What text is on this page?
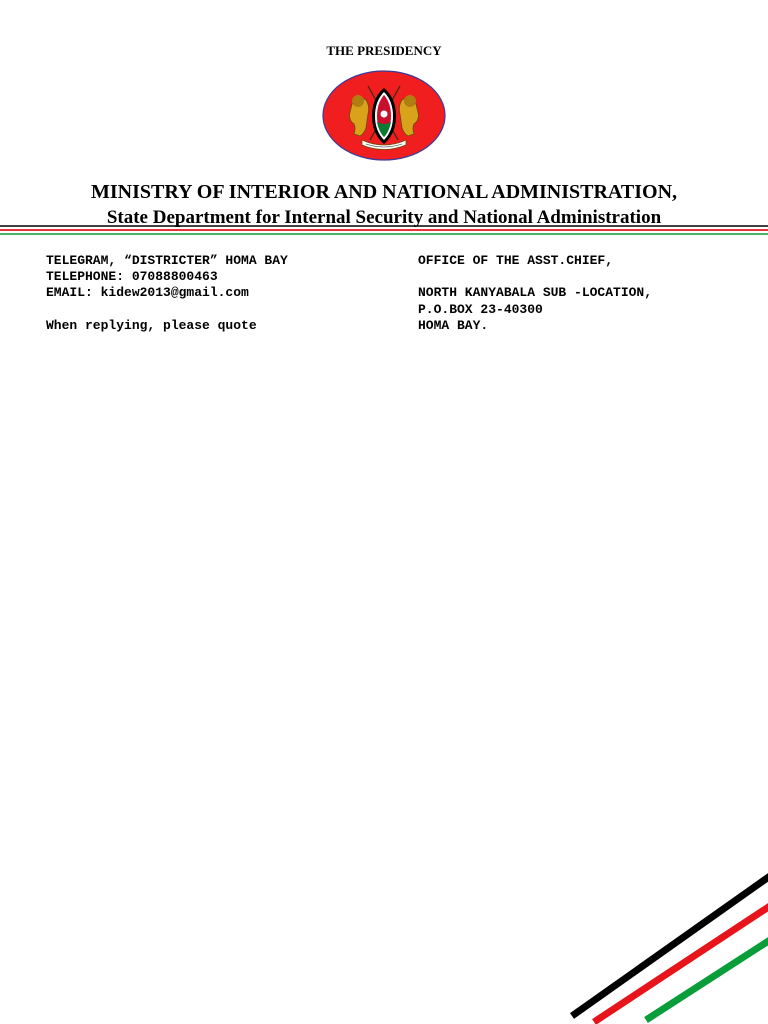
THE PRESIDENCY
MINISTRY OF INTERIOR AND NATIONAL ADMINISTRATION,
State Department for Internal Security and National Administration
TELEGRAM, “DISTRICTER” HOMA BAY
TELEPHONE: 07088800463
EMAIL: kidew2013@gmail.com
When replying, please quote
OFFICE OF THE ASST.CHIEF,
NORTH KANYABALA SUB -LOCATION,
P.O.BOX 23-40300
HOMA BAY.
